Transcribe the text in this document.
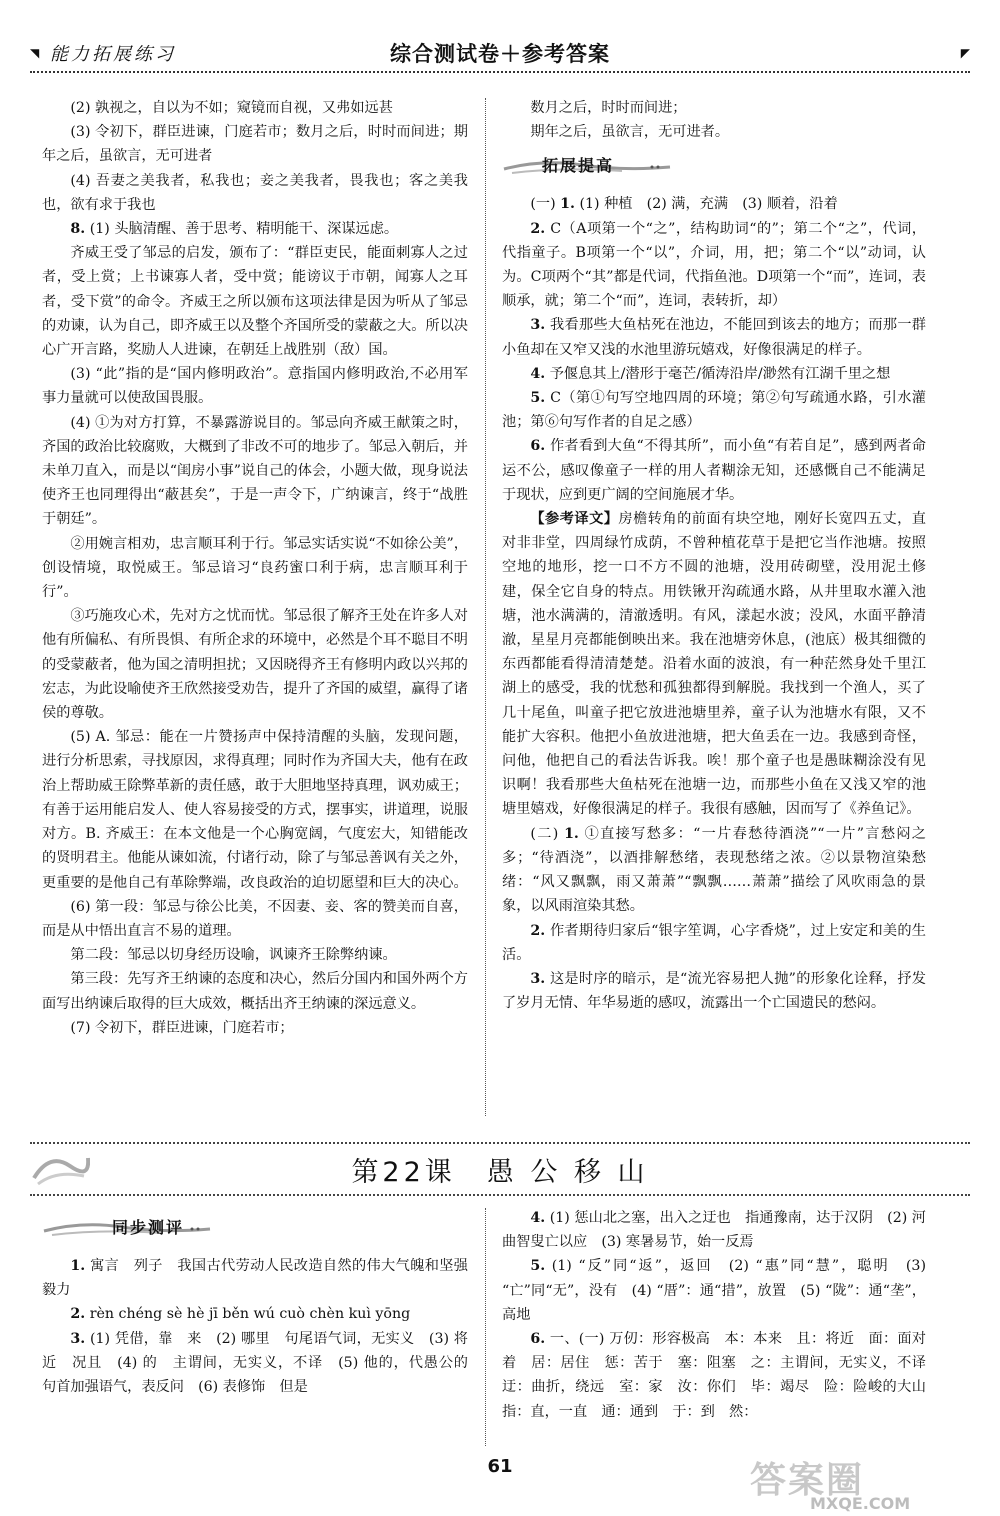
◥ 能力拓展练习	综合测试卷＋参考答案	◤

(2) 孰视之，自以为不如；窥镜而自视，又弗如远甚

(3) 令初下，群臣进谏，门庭若市；数月之后，时时而间进；期年之后，虽欲言，无可进者

(4) 吾妻之美我者，私我也；妾之美我者，畏我也；客之美我也，欲有求于我也

8. (1) 头脑清醒、善于思考、精明能干、深谋远虑。

齐威王受了邹忌的启发，颁布了：“群臣吏民，能面刺寡人之过者，受上赏；上书谏寡人者，受中赏；能谤议于市朝，闻寡人之耳者，受下赏”的命令。齐威王之所以颁布这项法律是因为听从了邹忌的劝谏，认为自己，即齐威王以及整个齐国所受的蒙蔽之大。所以决心广开言路，奖励人人进谏，在朝廷上战胜别（敌）国。

(3) “此”指的是“国内修明政治”。意指国内修明政治,不必用军事力量就可以使敌国畏服。

(4) ①为对方打算，不暴露游说目的。邹忌向齐威王献策之时，齐国的政治比较腐败，大概到了非改不可的地步了。邹忌入朝后，并未单刀直入，而是以“闺房小事”说自己的体会，小题大做，现身说法使齐王也同理得出“蔽甚矣”，于是一声令下，广纳谏言，终于“战胜于朝廷”。

②用婉言相劝，忠言顺耳利于行。邹忌实话实说“不如徐公美”，创设情境，取悦威王。邹忌谙习“良药蜜口利于病，忠言顺耳利于行”。

③巧施攻心术，先对方之忧而忧。邹忌很了解齐王处在许多人对他有所偏私、有所畏惧、有所企求的环境中，必然是个耳不聪目不明的受蒙蔽者，他为国之清明担扰；又因晓得齐王有修明内政以兴邦的宏志，为此设喻使齐王欣然接受劝告，提升了齐国的威望，赢得了诸侯的尊敬。

(5) A. 邹忌：能在一片赞扬声中保持清醒的头脑，发现问题，进行分析思索，寻找原因，求得真理；同时作为齐国大夫，他有在政治上帮助威王除弊革新的责任感，敢于大胆地坚持真理，讽劝威王；有善于运用能启发人、使人容易接受的方式，摆事实，讲道理，说服对方。B. 齐威王：在本文他是一个心胸宽阔，气度宏大，知错能改的贤明君主。他能从谏如流，付诸行动，除了与邹忌善讽有关之外，更重要的是他自己有革除弊端，改良政治的迫切愿望和巨大的决心。

(6) 第一段：邹忌与徐公比美，不因妻、妾、客的赞美而自喜，而是从中悟出直言不易的道理。

第二段：邹忌以切身经历设喻，讽谏齐王除弊纳谏。

第三段：先写齐王纳谏的态度和决心，然后分国内和国外两个方面写出纳谏后取得的巨大成效，概括出齐王纳谏的深远意义。

(7) 令初下，群臣进谏，门庭若市；

数月之后，时时而间进；

期年之后，虽欲言，无可进者。

拓展提高

(一) 1. (1) 种植　(2) 满，充满　(3) 顺着，沿着

2. C（A项第一个“之”，结构助词“的”；第二个“之”，代词，代指童子。B项第一个“以”，介词，用，把；第二个“以”动词，认为。C项两个“其”都是代词，代指鱼池。D项第一个“而”，连词，表顺承，就；第二个“而”，连词，表转折，却）

3. 我看那些大鱼枯死在池边，不能回到该去的地方；而那一群小鱼却在又窄又浅的水池里游玩嬉戏，好像很满足的样子。

4. 予偃息其上/潜形于毫芒/循涛沿岸/渺然有江湖千里之想

5. C（第①句写空地四周的环境；第②句写疏通水路，引水灌池；第⑥句写作者的自足之感）

6. 作者看到大鱼“不得其所”，而小鱼“有若自足”，感到两者命运不公，感叹像童子一样的用人者糊涂无知，还感慨自己不能满足于现状，应到更广阔的空间施展才华。

【参考译文】房檐转角的前面有块空地，刚好长宽四五丈，直对非非堂，四周绿竹成荫，不曾种植花草于是把它当作池塘。按照空地的地形，挖一口不方不圆的池塘，没用砖砌壁，没用泥土修建，保全它自身的特点。用铁锹开沟疏通水路，从井里取水灌入池塘，池水满满的，清澈透明。有风，漾起水波；没风，水面平静清澈，星星月亮都能倒映出来。我在池塘旁休息，(池底）极其细微的东西都能看得清清楚楚。沿着水面的波浪，有一种茫然身处千里江湖上的感受，我的忧愁和孤独都得到解脱。我找到一个渔人，买了几十尾鱼，叫童子把它放进池塘里养，童子认为池塘水有限，又不能扩大容积。他把小鱼放进池塘，把大鱼丢在一边。我感到奇怪，问他，他把自己的看法告诉我。唉！那个童子也是愚昧糊涂没有见识啊！我看那些大鱼枯死在池塘一边，而那些小鱼在又浅又窄的池塘里嬉戏，好像很满足的样子。我很有感触，因而写了《养鱼记》。

(二) 1. ①直接写愁多：“一片春愁待酒浇”“一片”言愁闷之多；“待酒浇”，以酒排解愁绪，表现愁绪之浓。②以景物渲染愁绪：“风又飘飘，雨又萧萧”“飘飘……萧萧”描绘了风吹雨急的景象，以风雨渲染其愁。

2. 作者期待归家后“银字笙调，心字香烧”，过上安定和美的生活。

3. 这是时序的暗示，是“流光容易把人抛”的形象化诠释，抒发了岁月无情、年华易逝的感叹，流露出一个亡国遗民的愁闷。

第22课　愚 公 移 山
同步测评

1. 寓言　列子　我国古代劳动人民改造自然的伟大气魄和坚强毅力

2. rèn chéng sè hè jī běn wú cuò chèn kuì yōng

3. (1) 凭借，靠　来　(2) 哪里　句尾语气词，无实义　(3) 将近　况且　(4) 的　主谓间，无实义，不译　(5) 他的，代愚公的　句首加强语气，表反问　(6) 表修饰　但是

4. (1) 惩山北之塞，出入之迂也　指通豫南，达于汉阴　(2) 河曲智叟亡以应　(3) 寒暑易节，始一反焉

5. (1) “反”同“返”，返回　(2) “惠”同“慧”，聪明　(3) “亡”同“无”，没有　(4) “厝”：通“措”，放置　(5) “陇”：通“垄”，高地

6. 一、(一) 万仞：形容极高　本：本来　且：将近　面：面对着　居：居住　惩：苦于　塞：阻塞　之：主谓间，无实义，不译　迂：曲折，绕远　室：家　汝：你们　毕：竭尽　险：险峻的大山　指：直，一直　通：通到　于：到　然：

61	答案圈
MXQE.COM
